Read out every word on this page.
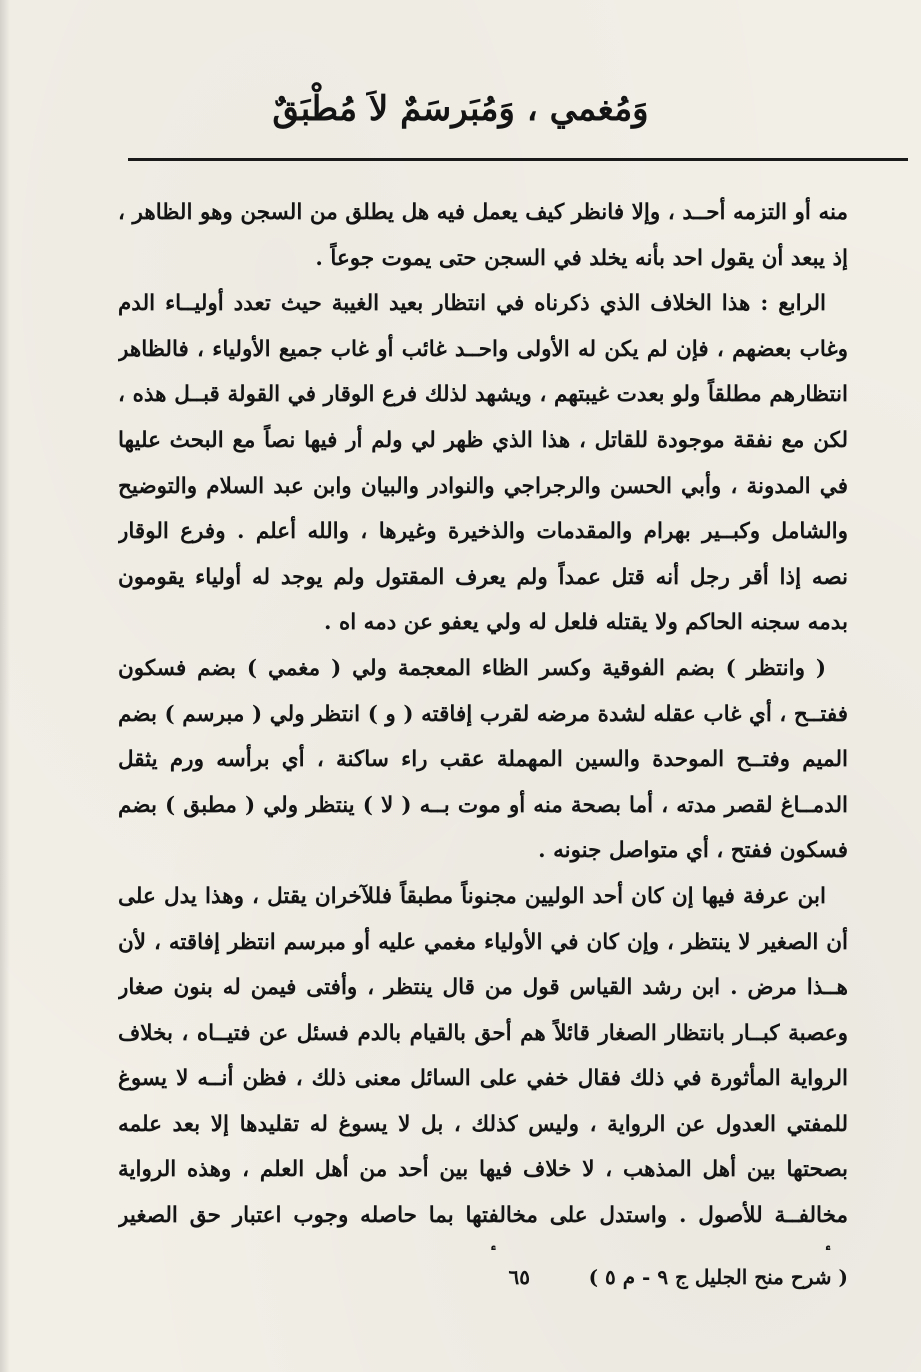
وَمُغمي ، وَمُبَرسَمٌ لاَ مُطْبَقٌ

منه أو التزمه أحــد ، وإلا فانظر كيف يعمل فيه هل يطلق من السجن وهو الظاهر ، إذ يبعد أن يقول احد بأنه يخلد في السجن حتى يموت جوعاً .

الرابع : هذا الخلاف الذي ذكرناه في انتظار بعيد الغيبة حيث تعدد أوليــاء الدم وغاب بعضهم ، فإن لم يكن له الأولى واحــد غائب أو غاب جميع الأولياء ، فالظاهر انتظارهم مطلقاً ولو بعدت غيبتهم ، ويشهد لذلك فرع الوقار في القولة قبــل هذه ، لكن مع نفقة موجودة للقاتل ، هذا الذي ظهر لي ولم أر فيها نصاً مع البحث عليها في المدونة ، وأبي الحسن والرجراجي والنوادر والبيان وابن عبد السلام والتوضيح والشامل وكبــير بهرام والمقدمات والذخيرة وغيرها ، والله أعلم . وفرع الوقار نصه إذا أقر رجل أنه قتل عمداً ولم يعرف المقتول ولم يوجد له أولياء يقومون بدمه سجنه الحاكم ولا يقتله فلعل له ولي يعفو عن دمه اه .

( وانتظر ) بضم الفوقية وكسر الظاء المعجمة ولي ( مغمي ) بضم فسكون ففتــح ، أي غاب عقله لشدة مرضه لقرب إفاقته ( و ) انتظر ولي ( مبرسم ) بضم الميم وفتــح الموحدة والسين المهملة عقب راء ساكنة ، أي برأسه ورم يثقل الدمــاغ لقصر مدته ، أما بصحة منه أو موت بــه ( لا ) ينتظر ولي ( مطبق ) بضم فسكون ففتح ، أي متواصل جنونه .

ابن عرفة فيها إن كان أحد الوليين مجنوناً مطبقاً فللآخران يقتل ، وهذا يدل على أن الصغير لا ينتظر ، وإن كان في الأولياء مغمي عليه أو مبرسم انتظر إفاقته ، لأن هــذا مرض . ابن رشد القياس قول من قال ينتظر ، وأفتى فيمن له بنون صغار وعصبة كبــار بانتظار الصغار قائلاً هم أحق بالقيام بالدم فسئل عن فتيــاه ، بخلاف الرواية المأثورة في ذلك فقال خفي على السائل معنى ذلك ، فظن أنــه لا يسوغ للمفتي العدول عن الرواية ، وليس كذلك ، بل لا يسوغ له تقليدها إلا بعد علمه بصحتها بين أهل المذهب ، لا خلاف فيها بين أحد من أهل العلم ، وهذه الرواية مخالفــة للأصول . واستدل على مخالفتها بما حاصله وجوب اعتبار حق الصغير

( شرح منح الجليل ج ٩ - م ٥ )
٦٥
